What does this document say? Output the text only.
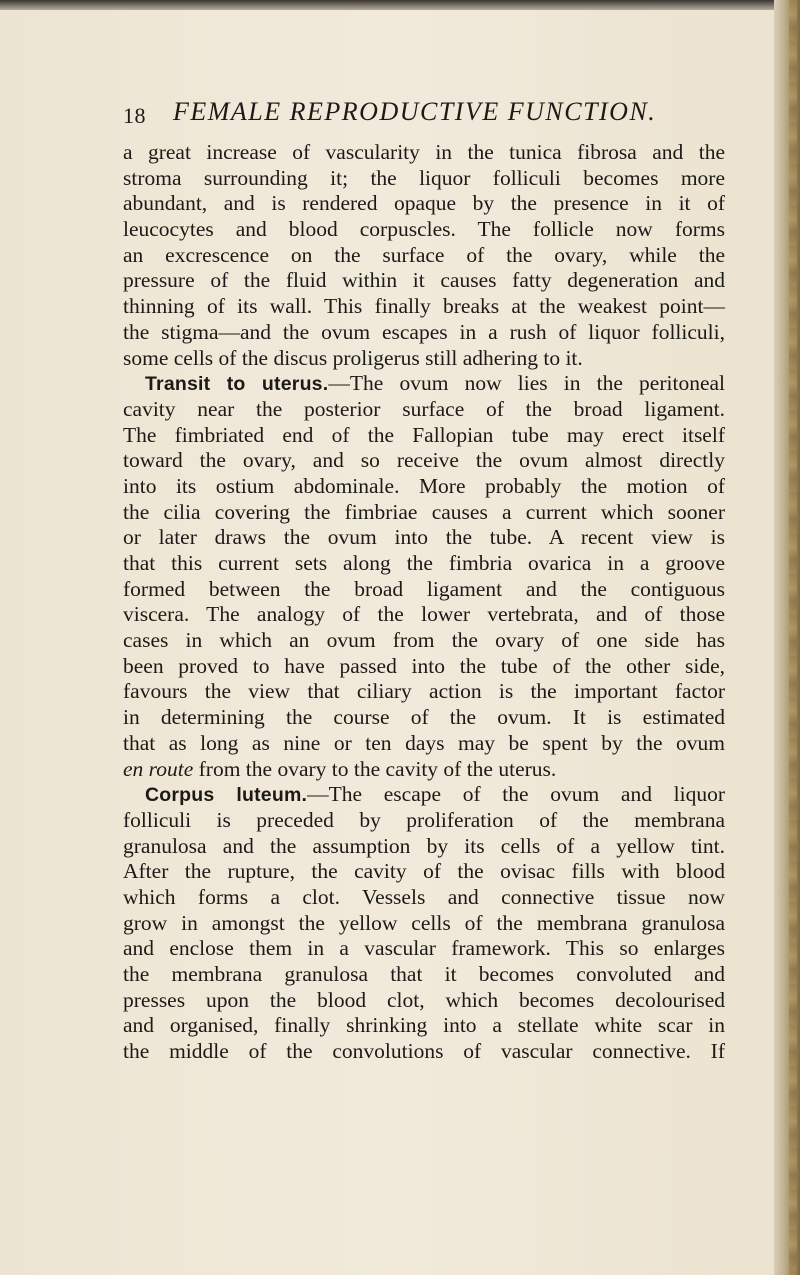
18 FEMALE REPRODUCTIVE FUNCTION.
a great increase of vascularity in the tunica fibrosa and the
stroma surrounding it; the liquor folliculi becomes more
abundant, and is rendered opaque by the presence in it of
leucocytes and blood corpuscles. The follicle now forms
an excrescence on the surface of the ovary, while the
pressure of the fluid within it causes fatty degeneration and
thinning of its wall. This finally breaks at the weakest point—
the stigma—and the ovum escapes in a rush of liquor folliculi,
some cells of the discus proligerus still adhering to it.
Transit to uterus.—The ovum now lies in the peritoneal
cavity near the posterior surface of the broad ligament.
The fimbriated end of the Fallopian tube may erect itself
toward the ovary, and so receive the ovum almost directly
into its ostium abdominale. More probably the motion of
the cilia covering the fimbriae causes a current which sooner
or later draws the ovum into the tube. A recent view is
that this current sets along the fimbria ovarica in a groove
formed between the broad ligament and the contiguous
viscera. The analogy of the lower vertebrata, and of those
cases in which an ovum from the ovary of one side has
been proved to have passed into the tube of the other side,
favours the view that ciliary action is the important factor
in determining the course of the ovum. It is estimated
that as long as nine or ten days may be spent by the ovum
en route from the ovary to the cavity of the uterus.
Corpus luteum.—The escape of the ovum and liquor
folliculi is preceded by proliferation of the membrana
granulosa and the assumption by its cells of a yellow tint.
After the rupture, the cavity of the ovisac fills with blood
which forms a clot. Vessels and connective tissue now
grow in amongst the yellow cells of the membrana granulosa
and enclose them in a vascular framework. This so enlarges
the membrana granulosa that it becomes convoluted and
presses upon the blood clot, which becomes decolourised
and organised, finally shrinking into a stellate white scar in
the middle of the convolutions of vascular connective. If
